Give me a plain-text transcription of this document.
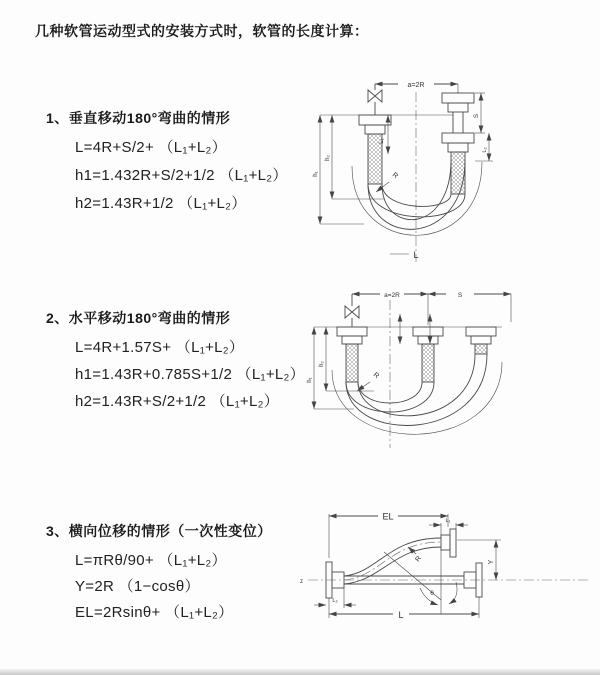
几种软管运动型式的安装方式时，软管的长度计算：
1、垂直移动180°弯曲的情形
L=4R+S/2+ （L₁+L₂）
h1=1.432R+S/2+1/2 （L₁+L₂）
h2=1.43R+1/2 （L₁+L₂）
2、水平移动180°弯曲的情形
L=4R+1.57S+ （L₁+L₂）
h1=1.43R+0.785S+1/2 （L₁+L₂）
h2=1.43R+S/2+1/2 （L₁+L₂）
3、横向位移的情形（一次性变位）
L=πRθ/90+ （L₁+L₂）
Y=2R （1−cosθ）
EL=2Rsinθ+ （L₁+L₂）
a=2R
L₁
S
L₂
h₁
h₂
R
L
a=2R	S
h₁
h₂
R
z
EL	L₁
Y
R
θ
L
L₂
